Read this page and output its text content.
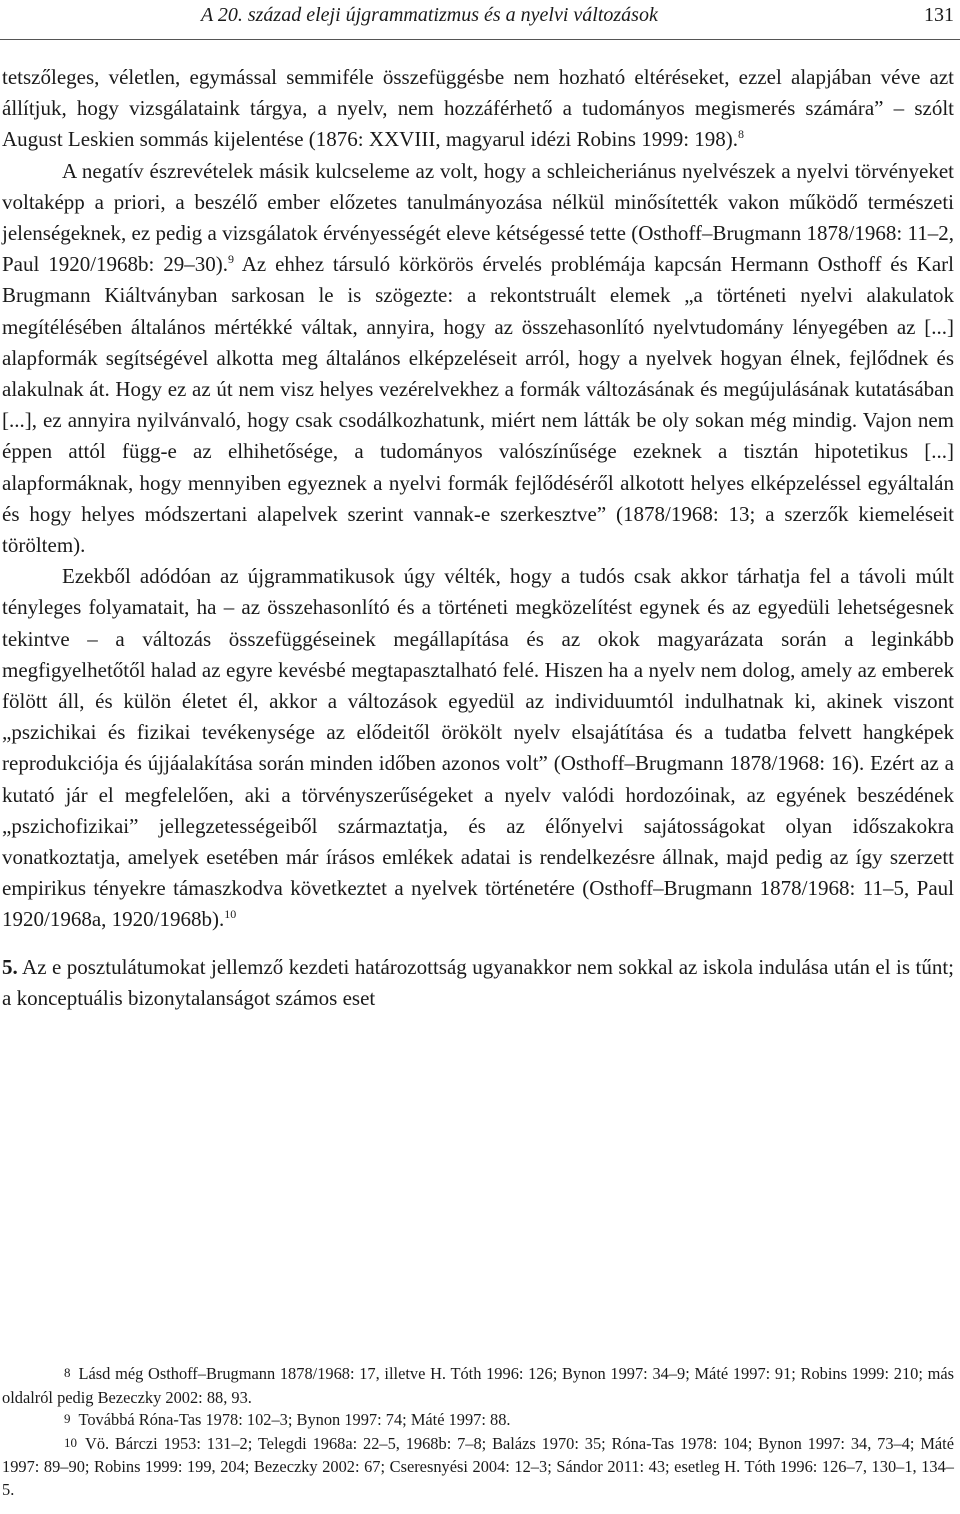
A 20. század eleji újgrammatizmus és a nyelvi változások	131

tetszőleges, véletlen, egymással semmiféle összefüggésbe nem hozható eltéréseket, ezzel alapjában véve azt állítjuk, hogy vizsgálataink tárgya, a nyelv, nem hozzáférhető a tudományos megismerés számára” ‒ szólt August Leskien sommás kijelentése (1876: XXVIII, magyarul idézi Robins 1999: 198).$^8$

A negatív észrevételek másik kulcseleme az volt, hogy a schleicheriánus nyelvészek a nyelvi törvényeket voltaképp a priori, a beszélő ember előzetes tanulmányozása nélkül minősítették vakon működő természeti jelenségeknek, ez pedig a vizsgálatok érvényességét eleve kétségessé tette (Osthoff‒Brugmann 1878/1968: 11‒2, Paul 1920/1968b: 29‒30).$^9$ Az ehhez társuló körkörös érvelés problémája kapcsán Hermann Osthoff és Karl Brugmann Kiáltványban sarkosan le is szögezte: a rekontstruált elemek „a történeti nyelvi alakulatok megítélésében általános mértékké váltak, annyira, hogy az összehasonlító nyelvtudomány lényegében az [...] alapformák segítségével alkotta meg általános elképzeléseit arról, hogy a nyelvek hogyan élnek, fejlődnek és alakulnak át. Hogy ez az út nem visz helyes vezérelvekhez a formák változásának és megújulásának kutatásában [...], ez annyira nyilvánvaló, hogy csak csodálkozhatunk, miért nem látták be oly sokan még mindig. Vajon nem éppen attól függ-e az elhihetősége, a tudományos valószínűsége ezeknek a tisztán hipotetikus [...] alapformáknak, hogy mennyiben egyeznek a nyelvi formák fejlődéséről alkotott helyes elképzeléssel egyáltalán és hogy helyes módszertani alapelvek szerint vannak-e szerkesztve” (1878/1968: 13; a szerzők kiemeléseit töröltem).

Ezekből adódóan az újgrammatikusok úgy vélték, hogy a tudós csak akkor tárhatja fel a távoli múlt tényleges folyamatait, ha ‒ az összehasonlító és a történeti megközelítést egynek és az egyedüli lehetségesnek tekintve ‒ a változás összefüggéseinek megállapítása és az okok magyarázata során a leginkább megfigyelhetőtől halad az egyre kevésbé megtapasztalható felé. Hiszen ha a nyelv nem dolog, amely az emberek fölött áll, és külön életet él, akkor a változások egyedül az individuumtól indulhatnak ki, akinek viszont „pszichikai és fizikai tevékenysége az elődeitől örökölt nyelv elsajátítása és a tudatba felvett hangképek reprodukciója és újjáalakítása során minden időben azonos volt” (Osthoff‒Brugmann 1878/1968: 16). Ezért az a kutató jár el megfelelően, aki a törvényszerűségeket a nyelv valódi hordozóinak, az egyének beszédének „pszichofizikai” jellegzetességeiből származtatja, és az élőnyelvi sajátosságokat olyan időszakokra vonatkoztatja, amelyek esetében már írásos emlékek adatai is rendelkezésre állnak, majd pedig az így szerzett empirikus tényekre támaszkodva következtet a nyelvek történetére (Osthoff‒Brugmann 1878/1968: 11‒5, Paul 1920/1968a, 1920/1968b).$^{10}$

5. Az e posztulátumokat jellemző kezdeti határozottság ugyanakkor nem sokkal az iskola indulása után el is tűnt; a konceptuális bizonytalanságot számos eset

8 Lásd még Osthoff‒Brugmann 1878/1968: 17, illetve H. Tóth 1996: 126; Bynon 1997: 34‒9; Máté 1997: 91; Robins 1999: 210; más oldalról pedig Bezeczky 2002: 88, 93.

9 Továbbá Róna-Tas 1978: 102‒3; Bynon 1997: 74; Máté 1997: 88.

10 Vö. Bárczi 1953: 131‒2; Telegdi 1968a: 22‒5, 1968b: 7‒8; Balázs 1970: 35; Róna-Tas 1978: 104; Bynon 1997: 34, 73‒4; Máté 1997: 89‒90; Robins 1999: 199, 204; Bezeczky 2002: 67; Cseresnyési 2004: 12‒3; Sándor 2011: 43; esetleg H. Tóth 1996: 126‒7, 130‒1, 134‒5.
